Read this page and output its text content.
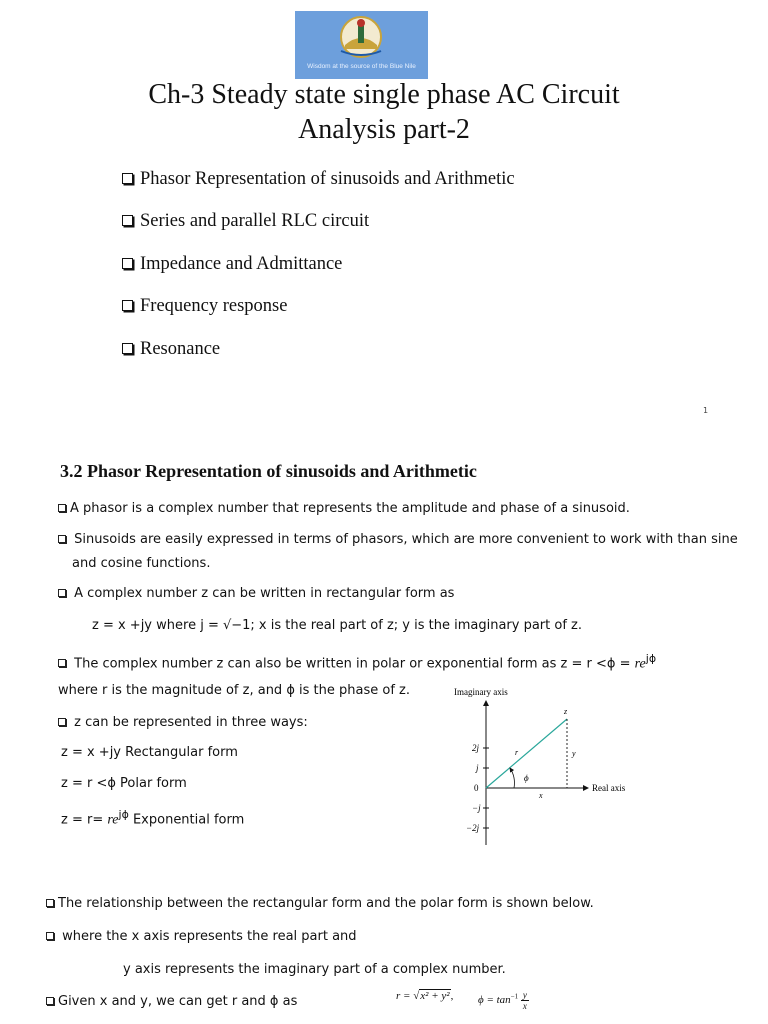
Wisdom at the source of the Blue Nile
Ch-3 Steady state single phase AC Circuit
Analysis part-2
Phasor Representation of sinusoids and Arithmetic
Series and parallel RLC circuit
Impedance and Admittance
Frequency response
Resonance
1
3.2 Phasor Representation of sinusoids and Arithmetic
A phasor is a complex number that represents the amplitude and phase of a sinusoid.
Sinusoids are easily expressed in terms of phasors, which are more convenient to work with than sine
and cosine functions.
A complex number z can be written in rectangular form as
z = x +jy where j = √−1; x is the real part of z; y is the imaginary part of z.
The complex number z can also be written in polar or exponential form as $z = r <\phi = re^{j\phi}$
where r is the magnitude of z, and ϕ is the phase of z.
z can be represented in three ways:
z = x +jy Rectangular form
z = r <ϕ Polar form
$z = r= re^{j\phi}$ Exponential form
Imaginary axis
Real axis
2j
j
0
−j
−2j
z
r
ϕ
x
y
The relationship between the rectangular form and the polar form is shown below.
where the x axis represents the real part and
y axis represents the imaginary part of a complex number.
Given x and y, we can get r and ϕ as	r = √x² + y², $\phi = \tan^{-1} \frac{y}{x}$
